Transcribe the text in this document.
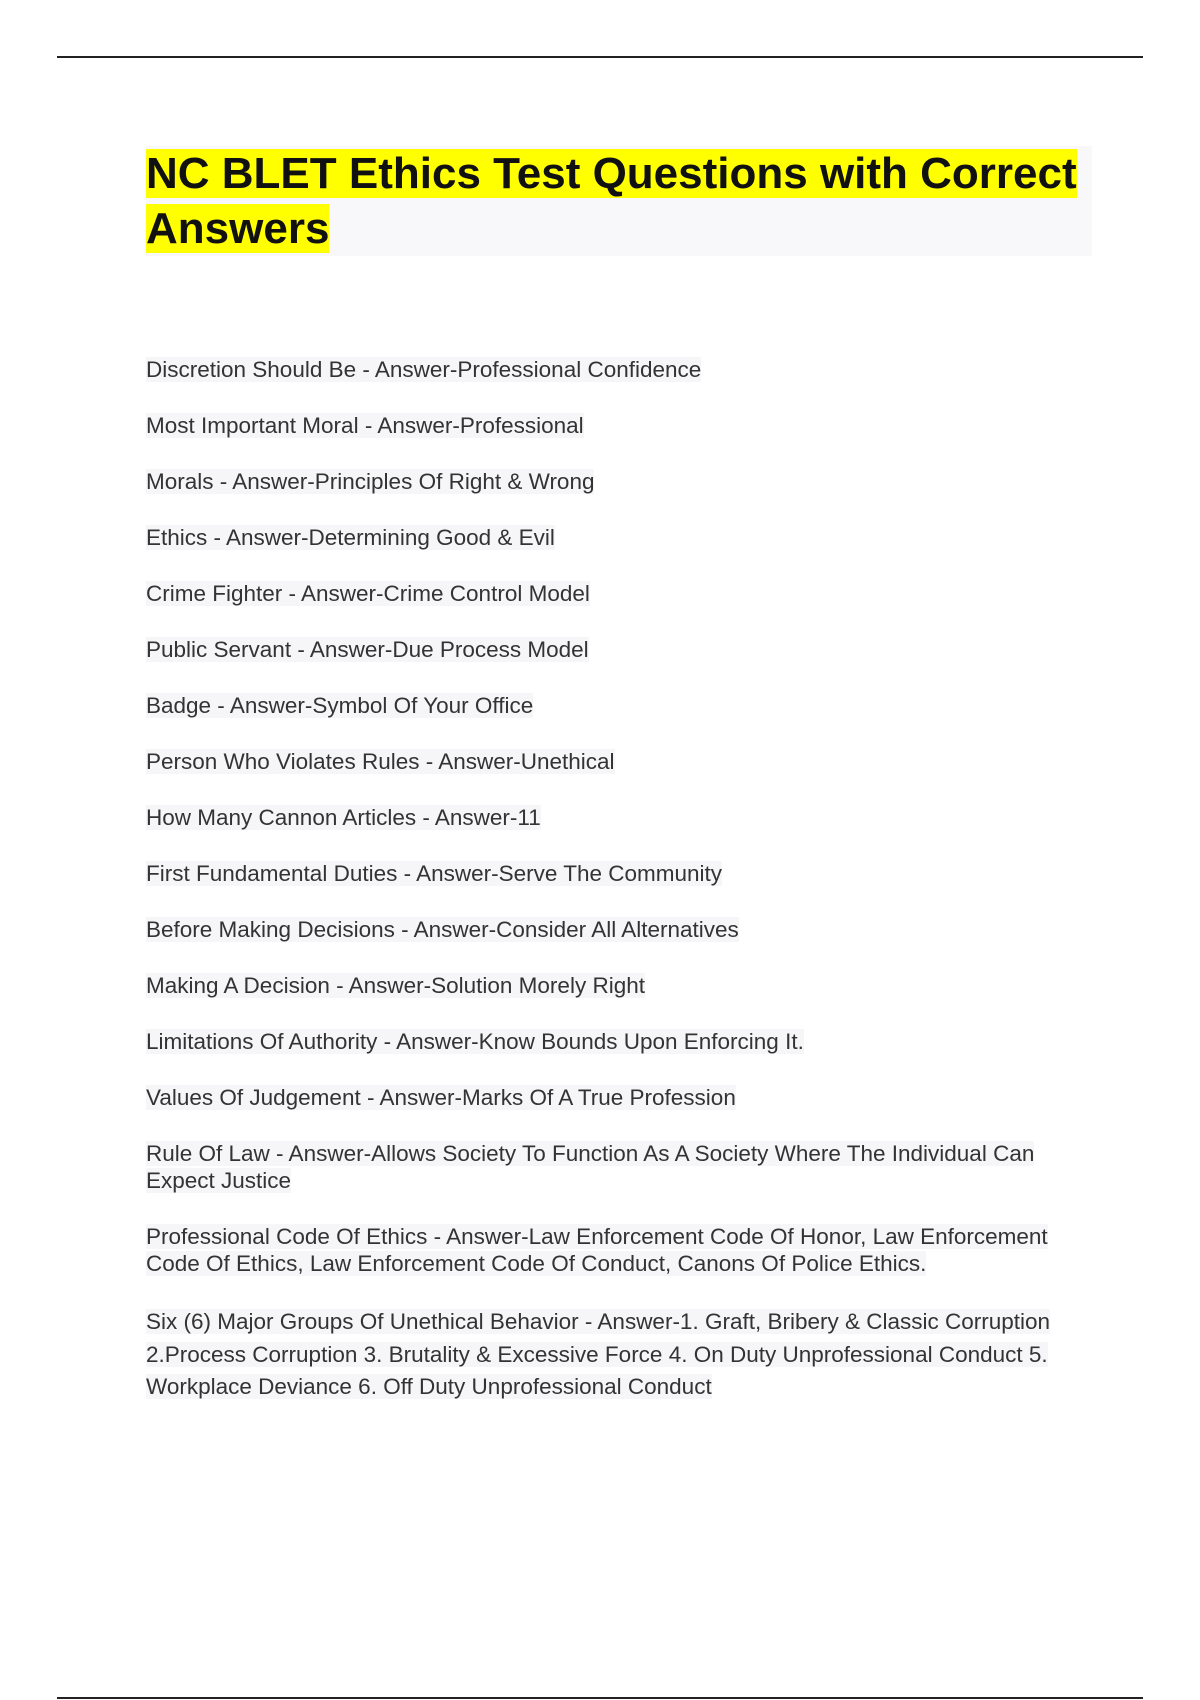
NC BLET Ethics Test Questions with Correct Answers
Discretion Should Be - Answer-Professional Confidence
Most Important Moral - Answer-Professional
Morals - Answer-Principles Of Right & Wrong
Ethics - Answer-Determining Good & Evil
Crime Fighter - Answer-Crime Control Model
Public Servant - Answer-Due Process Model
Badge - Answer-Symbol Of Your Office
Person Who Violates Rules - Answer-Unethical
How Many Cannon Articles - Answer-11
First Fundamental Duties - Answer-Serve The Community
Before Making Decisions - Answer-Consider All Alternatives
Making A Decision - Answer-Solution Morely Right
Limitations Of Authority - Answer-Know Bounds Upon Enforcing It.
Values Of Judgement - Answer-Marks Of A True Profession
Rule Of Law - Answer-Allows Society To Function As A Society Where The Individual Can Expect Justice
Professional Code Of Ethics - Answer-Law Enforcement Code Of Honor, Law Enforcement Code Of Ethics, Law Enforcement Code Of Conduct, Canons Of Police Ethics.
Six (6) Major Groups Of Unethical Behavior - Answer-1. Graft, Bribery & Classic Corruption 2.Process Corruption 3. Brutality & Excessive Force 4. On Duty Unprofessional Conduct 5. Workplace Deviance 6. Off Duty Unprofessional Conduct
